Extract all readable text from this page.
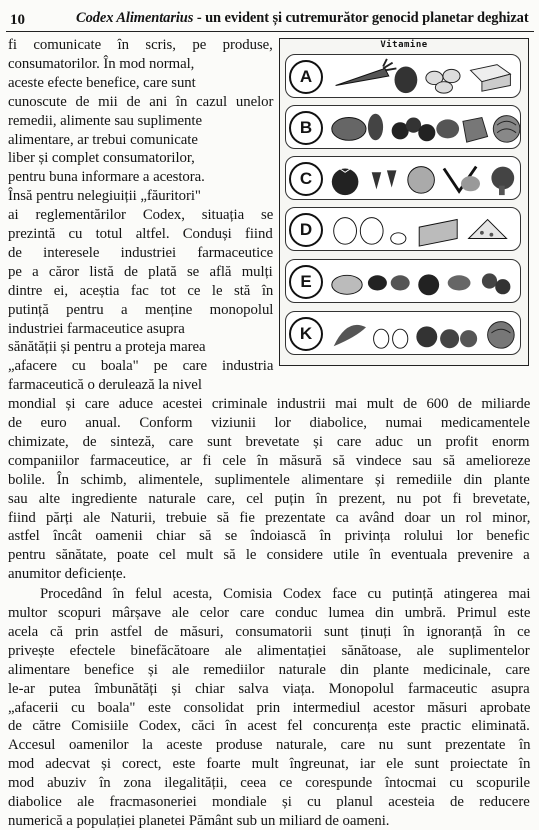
10	Codex Alimentarius - un evident și cutremurător genocid planetar deghizat
Vitamine
A
B
C
D
E
K
fi comunicate în scris, pe produse,
consumatorilor. În mod normal,
aceste efecte benefice, care sunt
cunoscute de mii de ani în cazul unelor
remedii, alimente sau suplimente
alimentare, ar trebui comunicate
liber și complet consumatorilor,
pentru buna informare a acestora.
Însă pentru nelegiuiții „făuritori"
ai reglementărilor Codex, situația se
prezintă cu totul altfel. Conduși fiind
de interesele industriei farmaceutice
pe a căror listă de plată se află mulți
dintre ei, aceștia fac tot ce le stă în
putință pentru a menține monopolul
industriei farmaceutice asupra
sănătății și pentru a proteja marea
„afacere cu boala" pe care industria
farmaceutică o derulează la nivel
mondial și care aduce acestei criminale industrii mai mult de 600 de miliarde
de euro anual. Conform viziunii lor diabolice, numai medicamentele
chimizate, de sinteză, care sunt brevetate și care aduc un profit enorm
companiilor farmaceutice, ar fi cele în măsură să vindece sau să amelioreze
bolile. În schimb, alimentele, suplimentele alimentare și remediile din plante
sau alte ingrediente naturale care, cel puțin în prezent, nu pot fi brevetate,
fiind părți ale Naturii, trebuie să fie prezentate ca având doar un rol minor,
astfel încât oamenii chiar să se îndoiască în privința rolului lor benefic
pentru sănătate, poate cel mult să le considere utile în eventuala prevenire a
anumitor deficiențe.
Procedând în felul acesta, Comisia Codex face cu putință atingerea mai
multor scopuri mârșave ale celor care conduc lumea din umbră. Primul este
acela că prin astfel de măsuri, consumatorii sunt ținuți în ignoranță în ce
privește efectele binefăcătoare ale alimentației sănătoase, ale suplimentelor
alimentare benefice și ale remediilor naturale din plante medicinale, care
le-ar putea îmbunătăți și chiar salva viața. Monopolul farmaceutic asupra
„afacerii cu boala" este consolidat prin intermediul acestor măsuri aprobate
de către Comisiile Codex, căci în acest fel concurența este practic eliminată.
Accesul oamenilor la aceste produse naturale, care nu sunt prezentate în
mod adecvat și corect, este foarte mult îngreunat, iar ele sunt proiectate în
mod abuziv în zona ilegalității, ceea ce corespunde întocmai cu scopurile
diabolice ale fracmasoneriei mondiale și cu planul acesteia de reducere
numerică a populației planetei Pământ sub un miliard de oameni.
